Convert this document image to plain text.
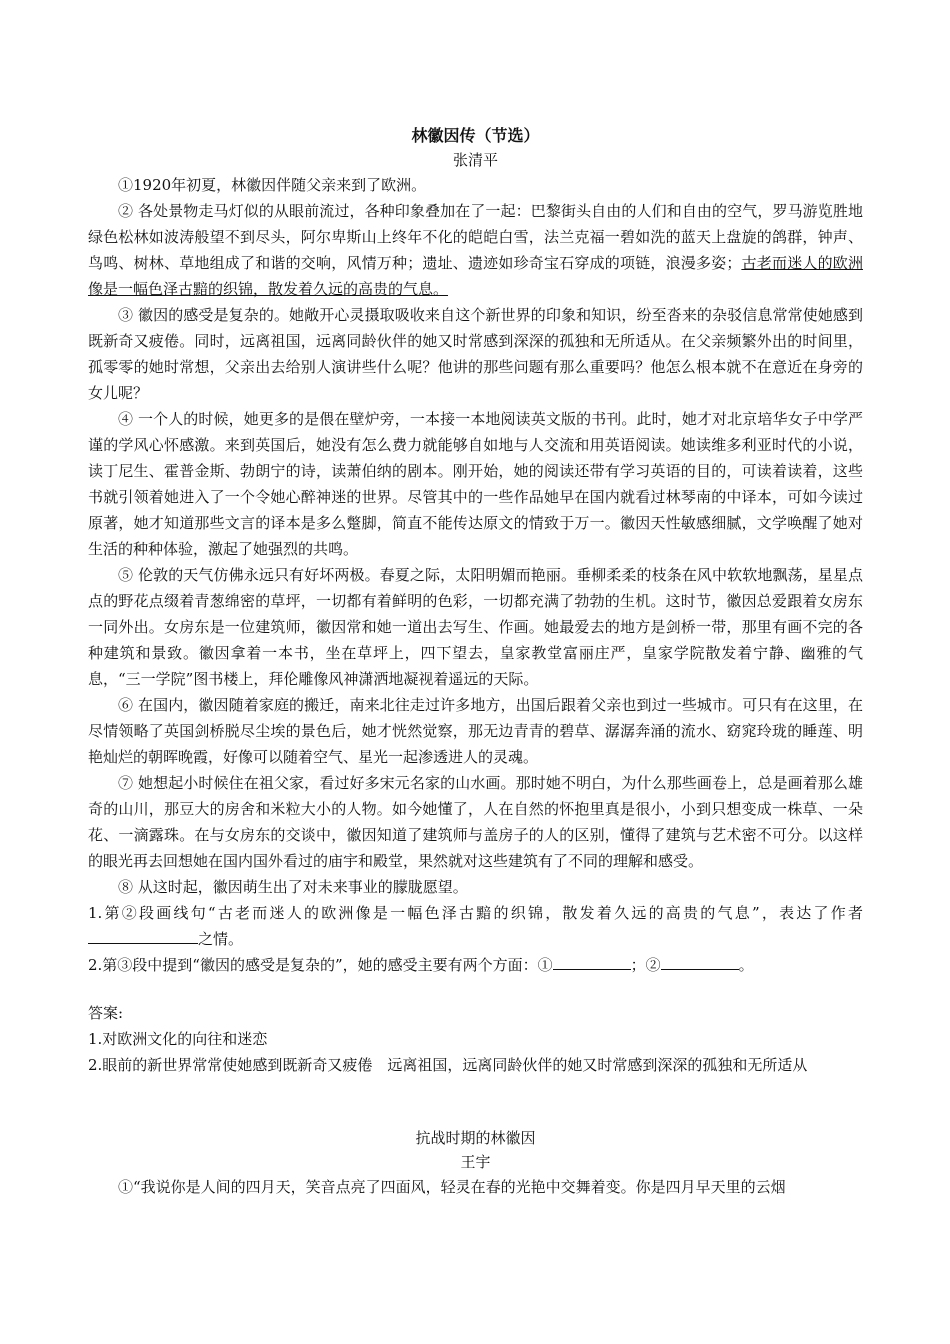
林徽因传（节选）
张清平

①1920年初夏，林徽因伴随父亲来到了欧洲。

② 各处景物走马灯似的从眼前流过，各种印象叠加在了一起：巴黎街头自由的人们和自由的空气，罗马游览胜地绿色松林如波涛般望不到尽头，阿尔卑斯山上终年不化的皑皑白雪，法兰克福一碧如洗的蓝天上盘旋的鸽群，钟声、鸟鸣、树林、草地组成了和谐的交响，风情万种；遗址、遗迹如珍奇宝石穿成的项链，浪漫多姿；古老而迷人的欧洲像是一幅色泽古黯的织锦，散发着久远的高贵的气息。

③ 徽因的感受是复杂的。她敞开心灵摄取吸收来自这个新世界的印象和知识，纷至沓来的杂驳信息常常使她感到既新奇又疲倦。同时，远离祖国，远离同龄伙伴的她又时常感到深深的孤独和无所适从。在父亲频繁外出的时间里，孤零零的她时常想，父亲出去给别人演讲些什么呢？他讲的那些问题有那么重要吗？他怎么根本就不在意近在身旁的女儿呢？

④ 一个人的时候，她更多的是偎在壁炉旁，一本接一本地阅读英文版的书刊。此时，她才对北京培华女子中学严谨的学风心怀感激。来到英国后，她没有怎么费力就能够自如地与人交流和用英语阅读。她读维多利亚时代的小说，读丁尼生、霍普金斯、勃朗宁的诗，读萧伯纳的剧本。刚开始，她的阅读还带有学习英语的目的，可读着读着，这些书就引领着她进入了一个令她心醉神迷的世界。尽管其中的一些作品她早在国内就看过林琴南的中译本，可如今读过原著，她才知道那些文言的译本是多么蹩脚，简直不能传达原文的情致于万一。徽因天性敏感细腻，文学唤醒了她对生活的种种体验，激起了她强烈的共鸣。

⑤ 伦敦的天气仿佛永远只有好坏两极。春夏之际，太阳明媚而艳丽。垂柳柔柔的枝条在风中软软地飘荡，星星点点的野花点缀着青葱绵密的草坪，一切都有着鲜明的色彩，一切都充满了勃勃的生机。这时节，徽因总爱跟着女房东一同外出。女房东是一位建筑师，徽因常和她一道出去写生、作画。她最爱去的地方是剑桥一带，那里有画不完的各种建筑和景致。徽因拿着一本书，坐在草坪上，四下望去，皇家教堂富丽庄严，皇家学院散发着宁静、幽雅的气息，“三一学院”图书楼上，拜伦雕像风神潇洒地凝视着遥远的天际。

⑥ 在国内，徽因随着家庭的搬迁，南来北往走过许多地方，出国后跟着父亲也到过一些城市。可只有在这里，在尽情领略了英国剑桥脱尽尘埃的景色后，她才恍然觉察，那无边青青的碧草、潺潺奔涌的流水、窈窕玲珑的睡莲、明艳灿烂的朝晖晚霞，好像可以随着空气、星光一起渗透进人的灵魂。

⑦ 她想起小时候住在祖父家，看过好多宋元名家的山水画。那时她不明白，为什么那些画卷上，总是画着那么雄奇的山川，那豆大的房舍和米粒大小的人物。如今她懂了，人在自然的怀抱里真是很小，小到只想变成一株草、一朵花、一滴露珠。在与女房东的交谈中，徽因知道了建筑师与盖房子的人的区别，懂得了建筑与艺术密不可分。以这样的眼光再去回想她在国内国外看过的庙宇和殿堂，果然就对这些建筑有了不同的理解和感受。

⑧ 从这时起，徽因萌生出了对未来事业的朦胧愿望。

1.第②段画线句“古老而迷人的欧洲像是一幅色泽古黯的织锦，散发着久远的高贵的气息”，表达了作者之情。

2.第③段中提到“徽因的感受是复杂的”，她的感受主要有两个方面：①	；②	。

答案:

1.对欧洲文化的向往和迷恋

2.眼前的新世界常常使她感到既新奇又疲倦　远离祖国，远离同龄伙伴的她又时常感到深深的孤独和无所适从

抗战时期的林徽因
王宇

①“我说你是人间的四月天，笑音点亮了四面风，轻灵在春的光艳中交舞着变。你是四月早天里的云烟
